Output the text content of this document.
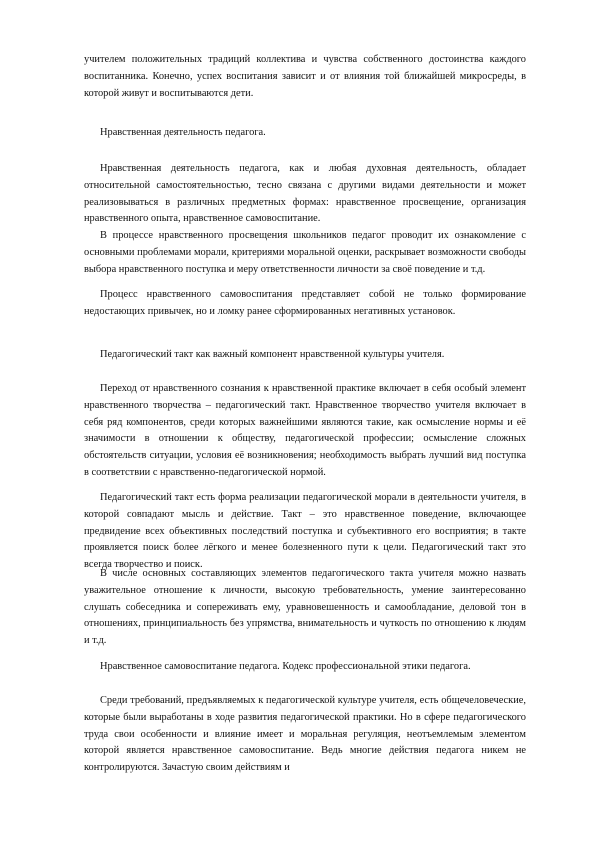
учителем положительных традиций коллектива и чувства собственного достоинства каждого воспитанника. Конечно, успех воспитания зависит и от влияния той ближайшей микросреды, в которой живут и воспитываются дети.

Нравственная деятельность педагога.

Нравственная деятельность педагога, как и любая духовная деятельность, обладает относительной самостоятельностью, тесно связана с другими видами деятельности и может реализовываться в различных предметных формах: нравственное просвещение, организация нравственного опыта, нравственное самовоспитание.

В процессе нравственного просвещения школьников педагог проводит их ознакомление с основными проблемами морали, критериями моральной оценки, раскрывает возможности свободы выбора нравственного поступка и меру ответственности личности за своё поведение и т.д.

Процесс нравственного самовоспитания представляет собой не только формирование недостающих привычек, но и ломку ранее сформированных негативных установок.

Педагогический такт как важный компонент нравственной культуры учителя.

Переход от нравственного сознания к нравственной практике включает в себя особый элемент нравственного творчества – педагогический такт. Нравственное творчество учителя включает в себя ряд компонентов, среди которых важнейшими являются такие, как осмысление нормы и её значимости в отношении к обществу, педагогической профессии; осмысление сложных обстоятельств ситуации, условия её возникновения; необходимость выбрать лучший вид поступка в соответствии с нравственно-педагогической нормой.

Педагогический такт есть форма реализации педагогической морали в деятельности учителя, в которой совпадают мысль и действие. Такт – это нравственное поведение, включающее предвидение всех объективных последствий поступка и субъективного его восприятия; в такте проявляется поиск более лёгкого и менее болезненного пути к цели. Педагогический такт это всегда творчество и поиск.

В числе основных составляющих элементов педагогического такта учителя можно назвать уважительное отношение к личности, высокую требовательность, умение заинтересованно слушать собеседника и сопереживать ему, уравновешенность и самообладание, деловой тон в отношениях, принципиальность без упрямства, внимательность и чуткость по отношению к людям и т.д.

Нравственное самовоспитание педагога. Кодекс профессиональной этики педагога.

Среди требований, предъявляемых к педагогической культуре учителя, есть общечеловеческие, которые были выработаны в ходе развития педагогической практики. Но в сфере педагогического труда свои особенности и влияние имеет и моральная регуляция, неотъемлемым элементом которой является нравственное самовоспитание. Ведь многие действия педагога никем не контролируются. Зачастую своим действиям и
